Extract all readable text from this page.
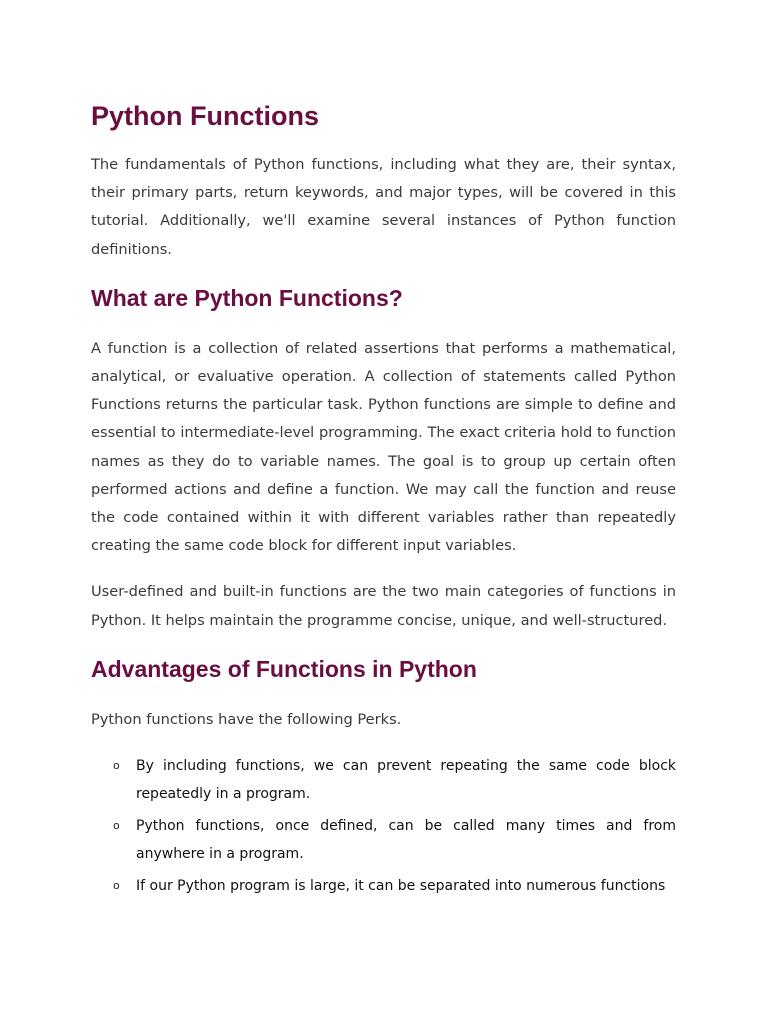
Python Functions

The fundamentals of Python functions, including what they are, their syntax, their primary parts, return keywords, and major types, will be covered in this tutorial. Additionally, we'll examine several instances of Python function definitions.

What are Python Functions?

A function is a collection of related assertions that performs a mathematical, analytical, or evaluative operation. A collection of statements called Python Functions returns the particular task. Python functions are simple to define and essential to intermediate-level programming. The exact criteria hold to function names as they do to variable names. The goal is to group up certain often performed actions and define a function. We may call the function and reuse the code contained within it with different variables rather than repeatedly creating the same code block for different input variables.

User-defined and built-in functions are the two main categories of functions in Python. It helps maintain the programme concise, unique, and well-structured.

Advantages of Functions in Python

Python functions have the following Perks.

o By including functions, we can prevent repeating the same code block repeatedly in a program.
o Python functions, once defined, can be called many times and from anywhere in a program.
o If our Python program is large, it can be separated into numerous functions
